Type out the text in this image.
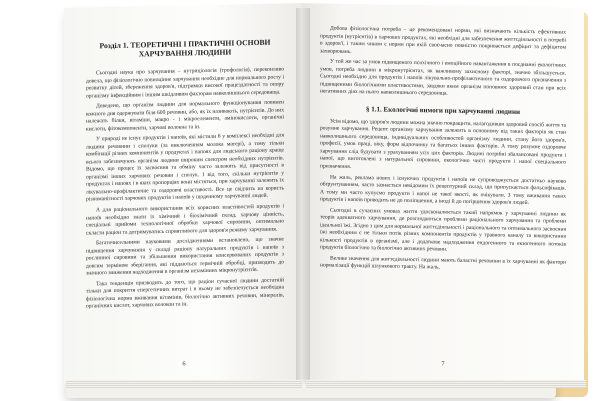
Розділ 1. ТЕОРЕТИЧНІ І ПРАКТИЧНІ ОСНОВИ ХАРЧУВАННЯ ЛЮДИНИ

Сьогодні наука про харчування – нутриціологія (трофологія), переконливо довела, що фізіологічно повноцінне харчування необхідне для нормального росту і розвитку дітей, збереження здоров'я, підтримки високої працездатності та опору організму інфекційним і іншим шкідливим факторам навколишнього середовища.

Доведено, що організм людини для нормального функціонування повинен кожного дня одержувати біля 600 речовин, або, як їх називають, нутрієнтів. До них належать білки, вітаміни, макро - і мікроелементи, амінокислоти, органічні кислоти, фітокомпоненти, харчові волокна та ін.

У природі не існує продуктів і напоїв, які містили б у комплексі необхідні для людини речовини і сполуки (за виключенням молока матері), а тому тільки комбінації різних компонентів у продуктах і напоях для людського раціону краще всього забезпечують організм людини широким спектром необхідних нутрієнтів. Відомо, що процес їх засвоєння та обміну часто залежить від присутності в організмі інших харчових речовин і сполук. І від того, скільки нутрієнтів у продуктах і напоях і в яких пропорціях вони містяться, при харчуванні залежить їх лікувально-профілактичне та оздоровчі властивості. Все це свідчить на користь різноманітності харчових продуктів і напоїв у щоденному харчуванні людей.

А для раціонального використання всіх корисних властивостей продуктів і напоїв необхідно знати їх хімічний і біохімічний склад, харчову цінність, спеціальні прийоми технологічної обробки харчової сировини, оптимально скласти раціон та дотримуватись сприятливого для здоров'я режиму харчування.

Багаточисельними науковими дослідженнями встановлено, що значне підвищення харчування у складі раціону натуральних продуктів і напоїв з рослинної сировини та збільшення використання консервованих продуктів з довгим терміном зберігання, які піддаються термічній обробці, призводить до значного зниження надходження в організм незамінних мікронутрієнтів.

Така тенденція призводить до того, що раціон сучасної людини достатній тільки для покриття енергетичних витрат і в ньому не забезпечується необхідна фізіологічна норма вживання вітамінів, біологічно активних речовин, мінералів, органічних кислот, харчових волокон та ін.

6

Добова фізіологічна потреба – це рекомендовані норми, які визначають кількість ефективних продуктів (нутрієнтів) в харчових продуктах, які необхідні для забезпечення життєдіяльності в потребі в здоров'ї, і таким чином є норми при якій своєчасно повністю покривається дефіцит та дефіцитом захворювань.

У той же час за умов підвищеного психічного і емоційного навантаження в поєднанні екологічних умов, потреба людини в мікронутрієнтах, як важливому захисному факторі, значно збільшується. Сьогодні необхідно для продуктів і напоїв лікувально-профілактичного та оздоровчого призначення з підвищеними біологічними властивостями, завдяки яким організм поповнює здоровий стан при всіх негативних діях на нього навколишнього середовища.

§ 1.1. Екологічні вимоги при харчуванні людини

Усім відомо, що здоров'я людини можна значно покращити, налагодивши здоровий спосіб життя та розумне харчування. Рецепт організму харчування залежить в основному від таких факторів як стан навколишнього середовища, індивідуальних особливостей організму людини, стану його здоров'я, професії, умов праці, віку, форм відпочинку та багатьох інших факторів. А тому розумне оздоровче харчування слід будувати з урахуванням усіх цих факторів. Людині потрібні збалансовані продукти і напої, що виготовлені з натуральної сировини, екологічно чисті продукти і напої спеціального призначення.

На жаль, реклама нових і існуючих продуктів і напоїв не супроводжується достатньо науково обґрунтуванням, часто зазнається невідомим їх рецептурний склад, що припускається фальсифікація. А тому ми часто купуємо продукти і напої не такої якості, як очікували. З тому вживання таких продуктів і напоїв приводить не до поліпшення, а іноді й до погіршення здоров'я людей.

Сьогодні в сучасних умовах життя удосконалюється такий напрямок у харчуванні людини як теорія адекватного харчування, де розглядаються проблеми раціонального харчування та проблеми ідеальної їжі. Згідно з цим для нормальної життєдіяльності і раціонального та оптимального засвоєння їжі необхідним є не тільки потік різних компонентів продуктів у травного каналу та використання кількості продуктів в організмі, але і додаткове надходження ендогенного та екзогенного потоків продуктів біологічно та біологічно активних речовин.

Велике значення для життєдіяльності людини мають баластні речовини в їх харчуванні як фактори нормалізації функцій шлункового тракту. На жаль,

7
